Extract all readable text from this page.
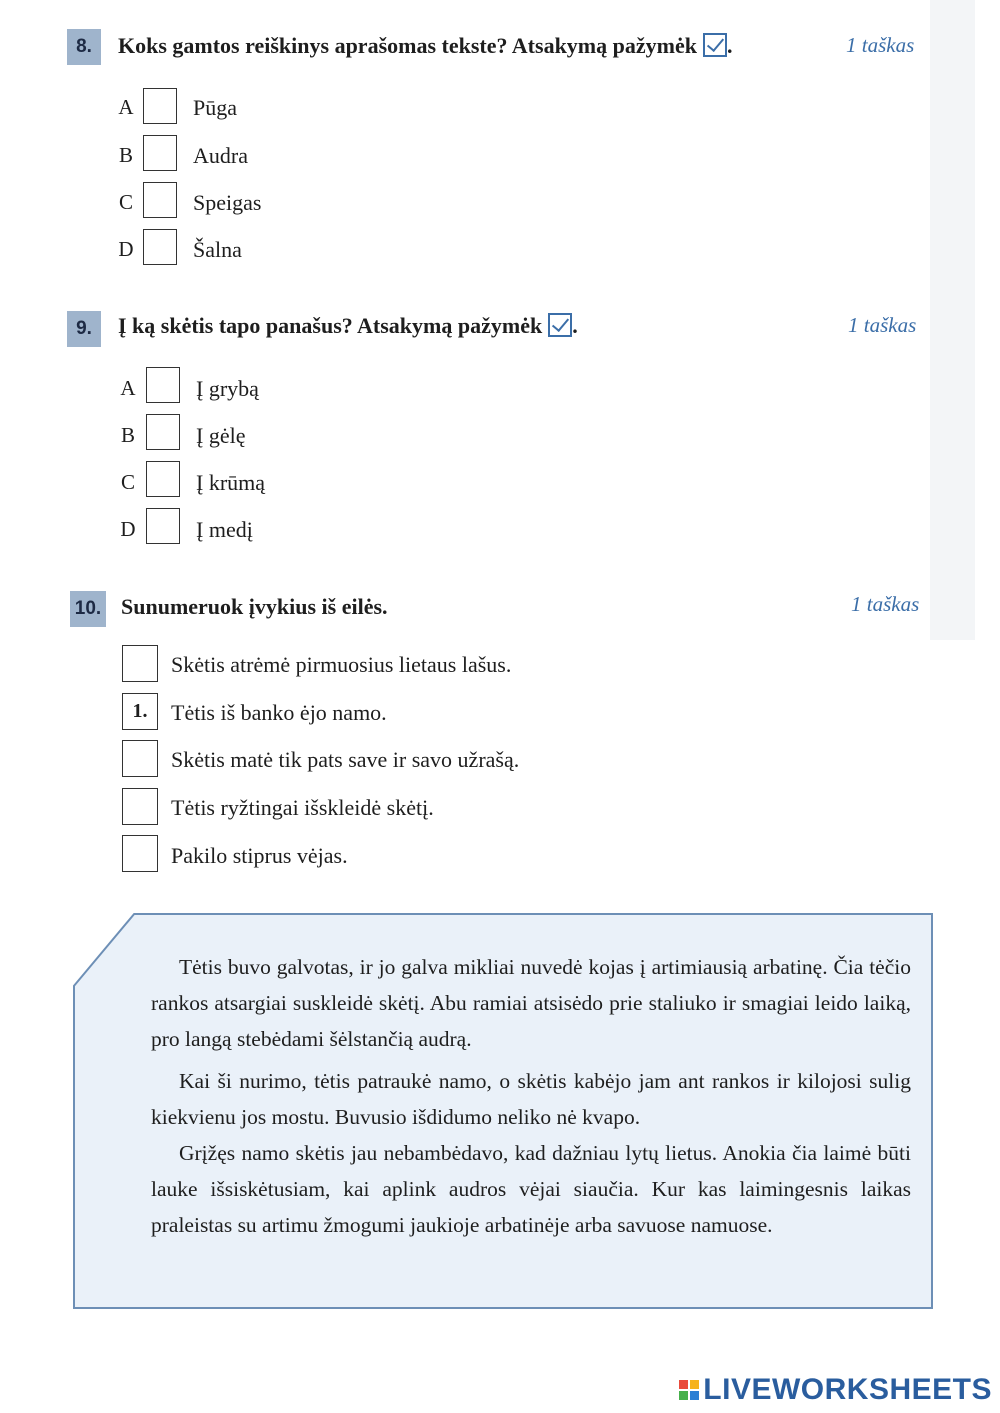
8.	Koks gamtos reiškinys aprašomas tekste? Atsakymą pažymėk .	1 taškas
A	Pūga
B	Audra
C	Speigas
D	Šalna
9.	Į ką skėtis tapo panašus? Atsakymą pažymėk .	1 taškas
A	Į grybą
B	Į gėlę
C	Į krūmą
D	Į medį
10. Sunumeruok įvykius iš eilės.	1 taškas
Skėtis atrėmė pirmuosius lietaus lašus.
1.	Tėtis iš banko ėjo namo.
Skėtis matė tik pats save ir savo užrašą.
Tėtis ryžtingai išskleidė skėtį.
Pakilo stiprus vėjas.

Tėtis buvo galvotas, ir jo galva mikliai nuvedė kojas į artimiausią arbatinę. Čia tėčio rankos atsargiai suskleidė skėtį. Abu ramiai atsisėdo prie staliuko ir smagiai leido laiką, pro langą stebėdami šėlstančią audrą.

Kai ši nurimo, tėtis patraukė namo, o skėtis kabėjo jam ant rankos ir kilojosi sulig kiekvienu jos mostu. Buvusio išdidumo neliko nė kvapo.

Grįžęs namo skėtis jau nebambėdavo, kad dažniau lytų lietus. Anokia čia laimė būti lauke išsiskėtusiam, kai aplink audros vėjai siaučia. Kur kas laimingesnis laikas praleistas su artimu žmogumi jaukioje arbatinėje arba savuose namuose.

LIVEWORKSHEETS
